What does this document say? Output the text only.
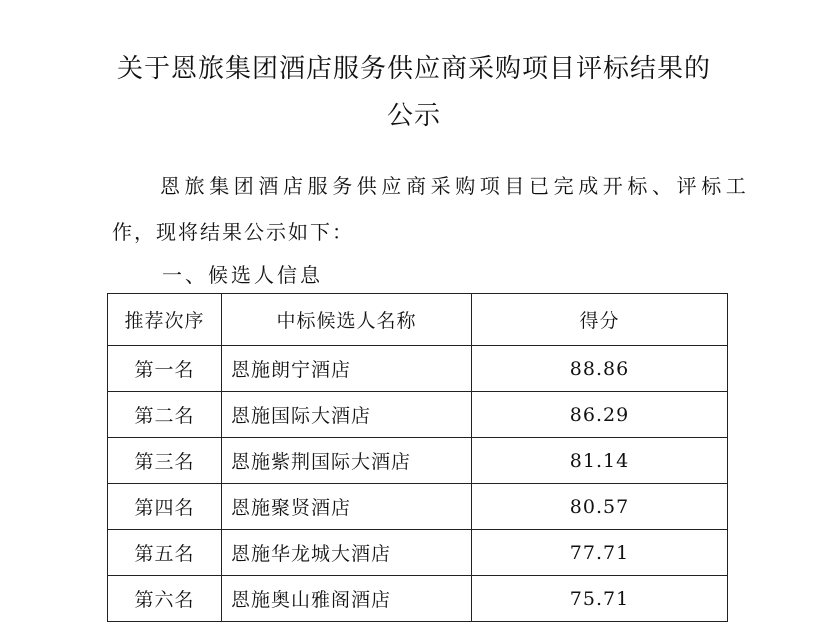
关于恩旅集团酒店服务供应商采购项目评标结果的
公示
恩旅集团酒店服务供应商采购项目已完成开标、评标工
作，现将结果公示如下：
一、候选人信息
推荐次序	中标候选人名称	得分
第一名	恩施朗宁酒店	88.86
第二名	恩施国际大酒店	86.29
第三名	恩施紫荆国际大酒店	81.14
第四名	恩施聚贤酒店	80.57
第五名	恩施华龙城大酒店	77.71
第六名	恩施奥山雅阁酒店	75.71
